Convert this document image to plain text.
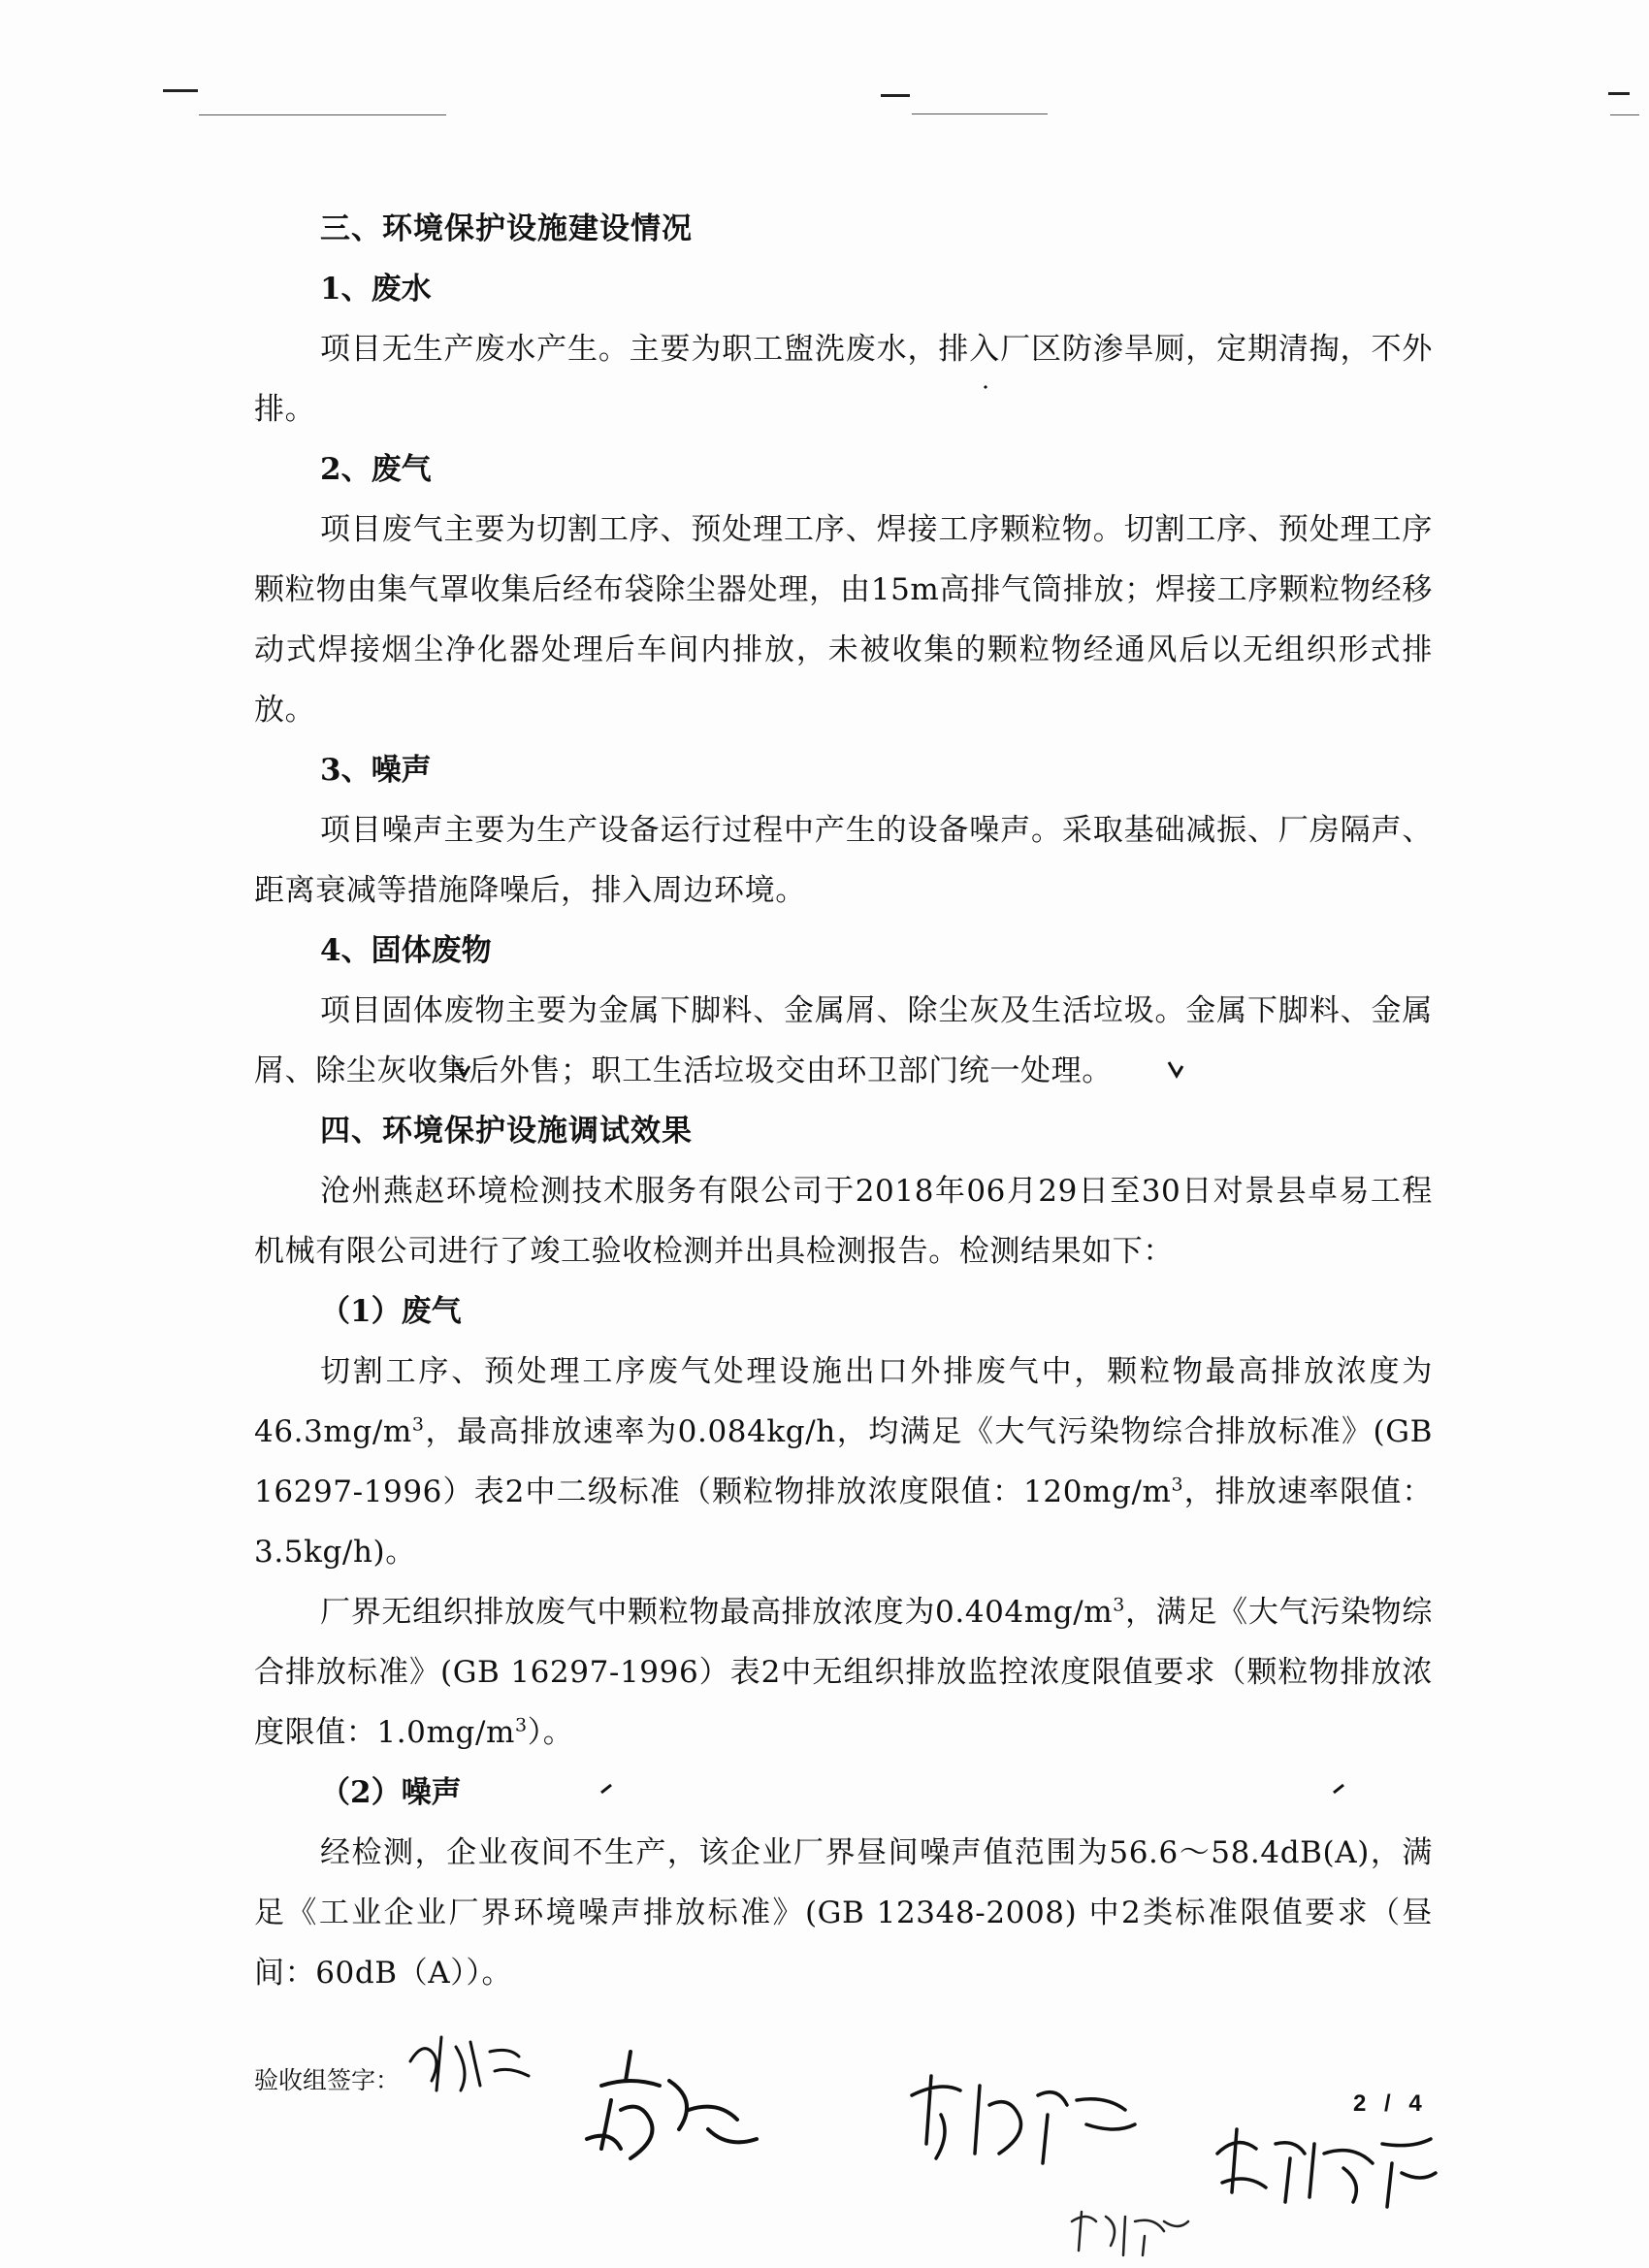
三、环境保护设施建设情况

1、废水

项目无生产废水产生。主要为职工盥洗废水，排入厂区防渗旱厕，定期清掏，不外排。

2、废气

项目废气主要为切割工序、预处理工序、焊接工序颗粒物。切割工序、预处理工序颗粒物由集气罩收集后经布袋除尘器处理，由15m高排气筒排放；焊接工序颗粒物经移动式焊接烟尘净化器处理后车间内排放，未被收集的颗粒物经通风后以无组织形式排放。

3、噪声

项目噪声主要为生产设备运行过程中产生的设备噪声。采取基础减振、厂房隔声、距离衰减等措施降噪后，排入周边环境。

4、固体废物

项目固体废物主要为金属下脚料、金属屑、除尘灰及生活垃圾。金属下脚料、金属屑、除尘灰收集后外售；职工生活垃圾交由环卫部门统一处理。

四、环境保护设施调试效果

沧州燕赵环境检测技术服务有限公司于2018年06月29日至30日对景县卓易工程机械有限公司进行了竣工验收检测并出具检测报告。检测结果如下：

（1）废气

切割工序、预处理工序废气处理设施出口外排废气中，颗粒物最高排放浓度为$46.3mg/m^3$，最高排放速率为0.084kg/h，均满足《大气污染物综合排放标准》(GB 16297-1996）表2中二级标准（颗粒物排放浓度限值：$120mg/m^3$，排放速率限值：3.5kg/h)。

厂界无组织排放废气中颗粒物最高排放浓度为$0.404mg/m^3$，满足《大气污染物综合排放标准》(GB 16297-1996）表2中无组织排放监控浓度限值要求（颗粒物排放浓度限值：$1.0mg/m^3$）。

（2）噪声

经检测，企业夜间不生产，该企业厂界昼间噪声值范围为56.6～58.4dB(A)，满足《工业企业厂界环境噪声排放标准》(GB 12348-2008) 中2类标准限值要求（昼间：60dB（A））。

验收组签字：
2 / 4
